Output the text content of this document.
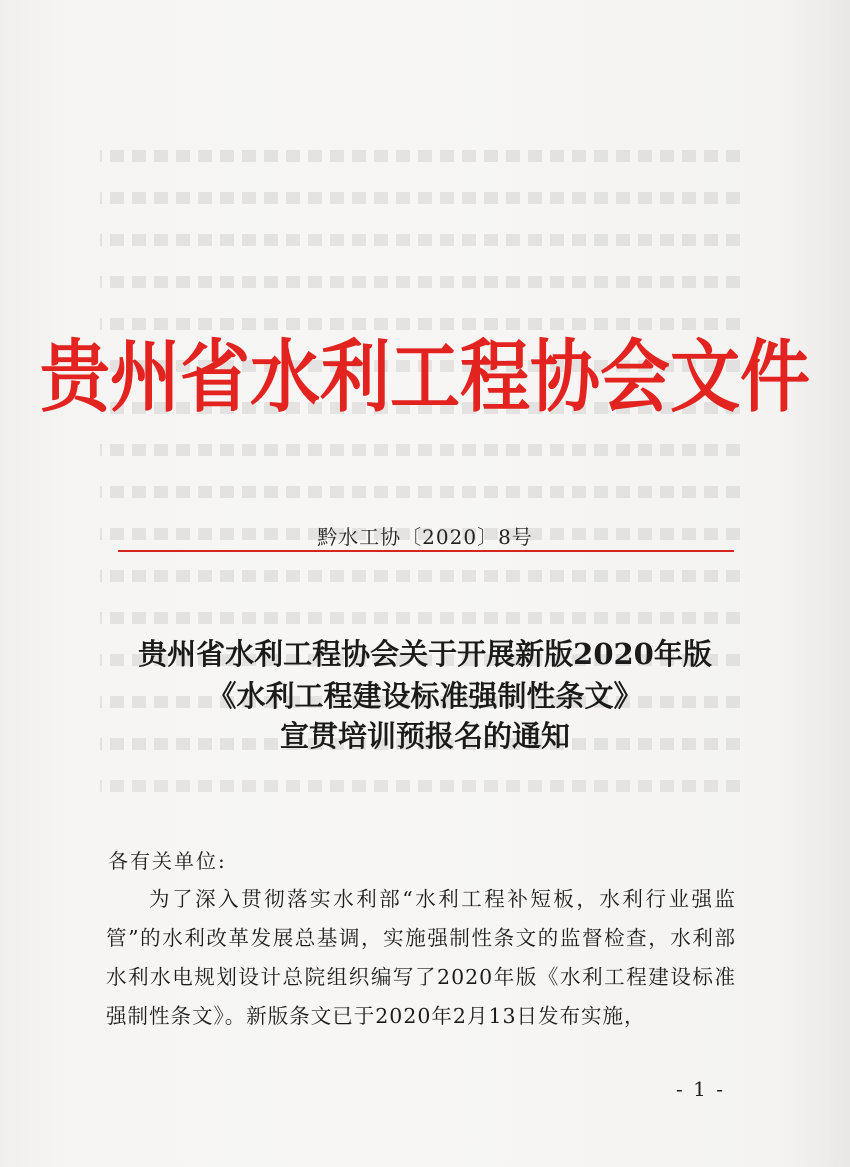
贵州省水利工程协会文件
黔水工协〔2020〕8号
贵州省水利工程协会关于开展新版2020年版
《水利工程建设标准强制性条文》
宣贯培训预报名的通知
各有关单位:
为了深入贯彻落实水利部“水利工程补短板，水利行业强监管”的水利改革发展总基调，实施强制性条文的监督检查，水利部水利水电规划设计总院组织编写了2020年版《水利工程建设标准强制性条文》。新版条文已于2020年2月13日发布实施，
- 1 -
